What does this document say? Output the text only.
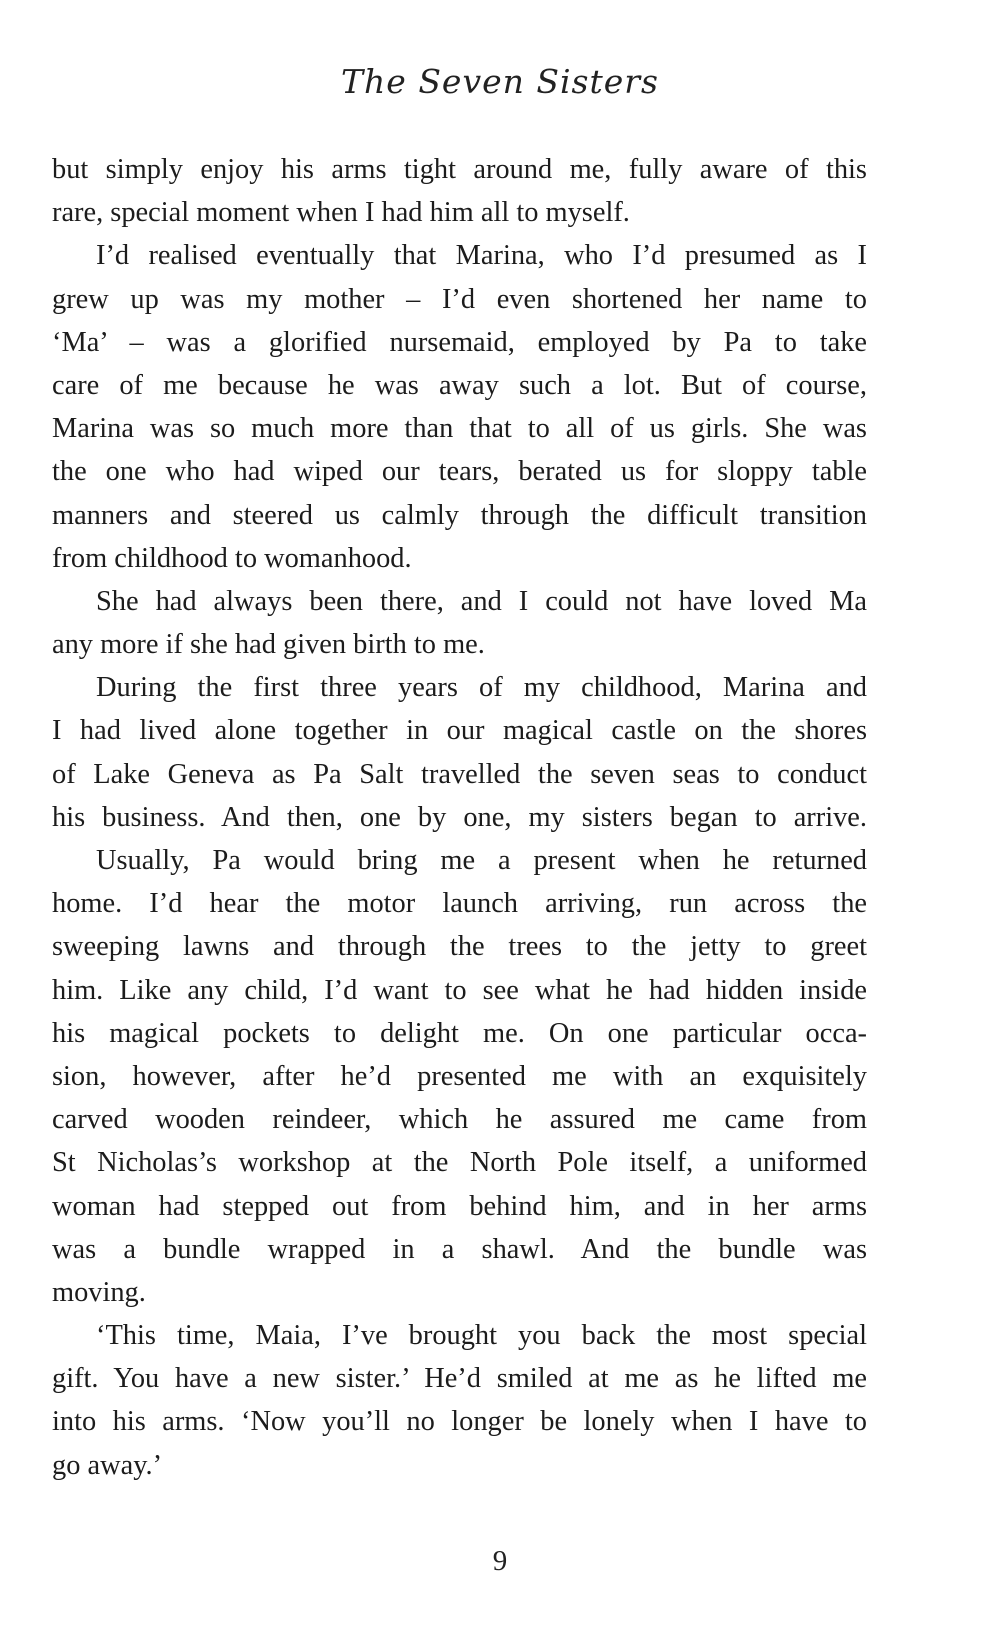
The Seven Sisters
but simply enjoy his arms tight around me, fully aware of this
rare, special moment when I had him all to myself.
I’d realised eventually that Marina, who I’d presumed as I
grew up was my mother – I’d even shortened her name to
‘Ma’ – was a glorified nursemaid, employed by Pa to take
care of me because he was away such a lot. But of course,
Marina was so much more than that to all of us girls. She was
the one who had wiped our tears, berated us for sloppy table
manners and steered us calmly through the difficult transition
from childhood to womanhood.
She had always been there, and I could not have loved Ma
any more if she had given birth to me.
During the first three years of my childhood, Marina and
I had lived alone together in our magical castle on the shores
of Lake Geneva as Pa Salt travelled the seven seas to conduct
his business. And then, one by one, my sisters began to arrive.
Usually, Pa would bring me a present when he returned
home. I’d hear the motor launch arriving, run across the
sweeping lawns and through the trees to the jetty to greet
him. Like any child, I’d want to see what he had hidden inside
his magical pockets to delight me. On one particular occa-
sion, however, after he’d presented me with an exquisitely
carved wooden reindeer, which he assured me came from
St Nicholas’s workshop at the North Pole itself, a uniformed
woman had stepped out from behind him, and in her arms
was a bundle wrapped in a shawl. And the bundle was
moving.
‘This time, Maia, I’ve brought you back the most special
gift. You have a new sister.’ He’d smiled at me as he lifted me
into his arms. ‘Now you’ll no longer be lonely when I have to
go away.’
9
